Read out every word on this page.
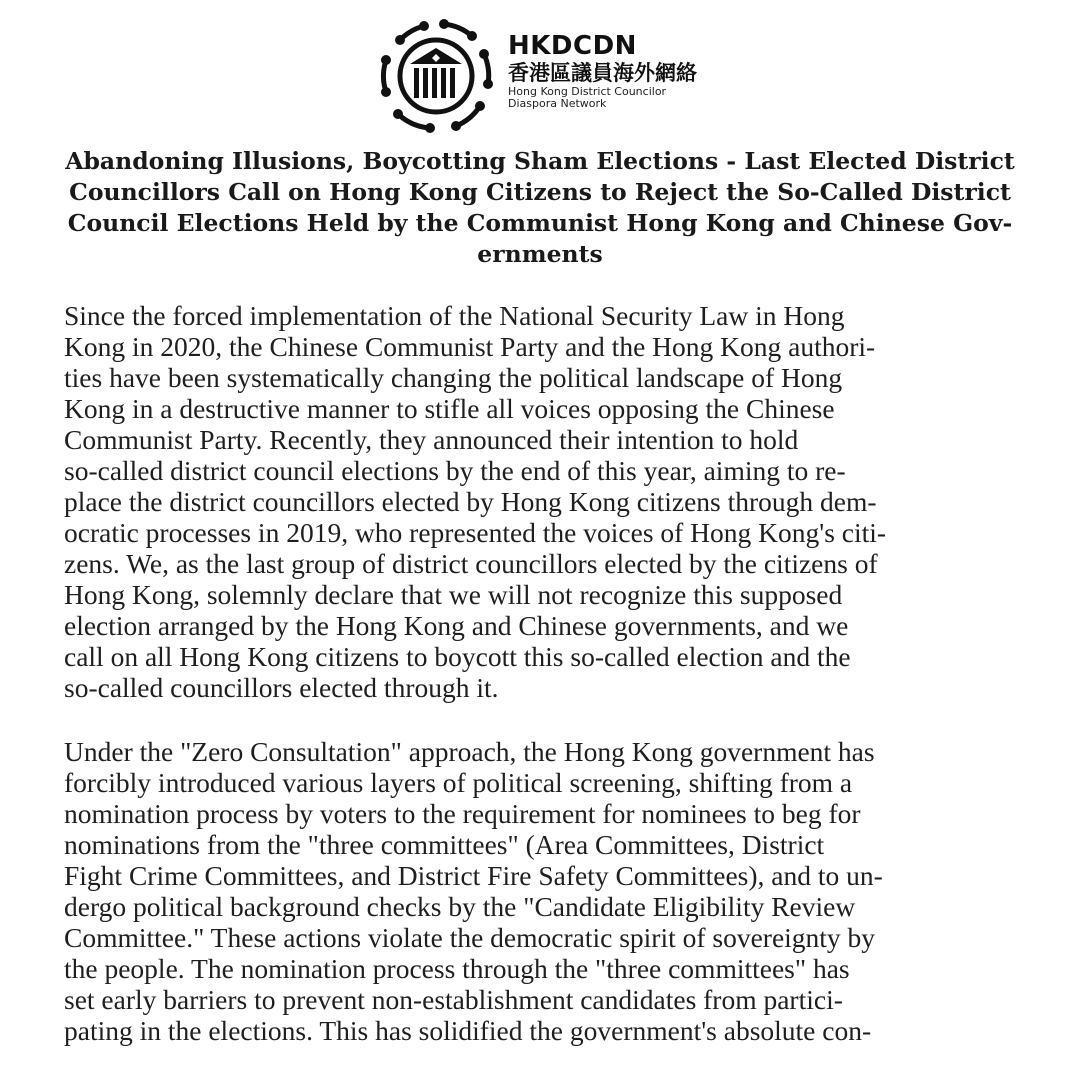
HKDCDN
香港區議員海外網絡
Hong Kong District Councilor
Diaspora Network
Abandoning Illusions, Boycotting Sham Elections - Last Elected District
Councillors Call on Hong Kong Citizens to Reject the So-Called District
Council Elections Held by the Communist Hong Kong and Chinese Gov-
ernments

Since the forced implementation of the National Security Law in Hong
Kong in 2020, the Chinese Communist Party and the Hong Kong authori-
ties have been systematically changing the political landscape of Hong
Kong in a destructive manner to stifle all voices opposing the Chinese
Communist Party. Recently, they announced their intention to hold
so-called district council elections by the end of this year, aiming to re-
place the district councillors elected by Hong Kong citizens through dem-
ocratic processes in 2019, who represented the voices of Hong Kong's citi-
zens. We, as the last group of district councillors elected by the citizens of
Hong Kong, solemnly declare that we will not recognize this supposed
election arranged by the Hong Kong and Chinese governments, and we
call on all Hong Kong citizens to boycott this so-called election and the
so-called councillors elected through it.

Under the "Zero Consultation" approach, the Hong Kong government has
forcibly introduced various layers of political screening, shifting from a
nomination process by voters to the requirement for nominees to beg for
nominations from the "three committees" (Area Committees, District
Fight Crime Committees, and District Fire Safety Committees), and to un-
dergo political background checks by the "Candidate Eligibility Review
Committee." These actions violate the democratic spirit of sovereignty by
the people. The nomination process through the "three committees" has
set early barriers to prevent non-establishment candidates from partici-
pating in the elections. This has solidified the government's absolute con-
